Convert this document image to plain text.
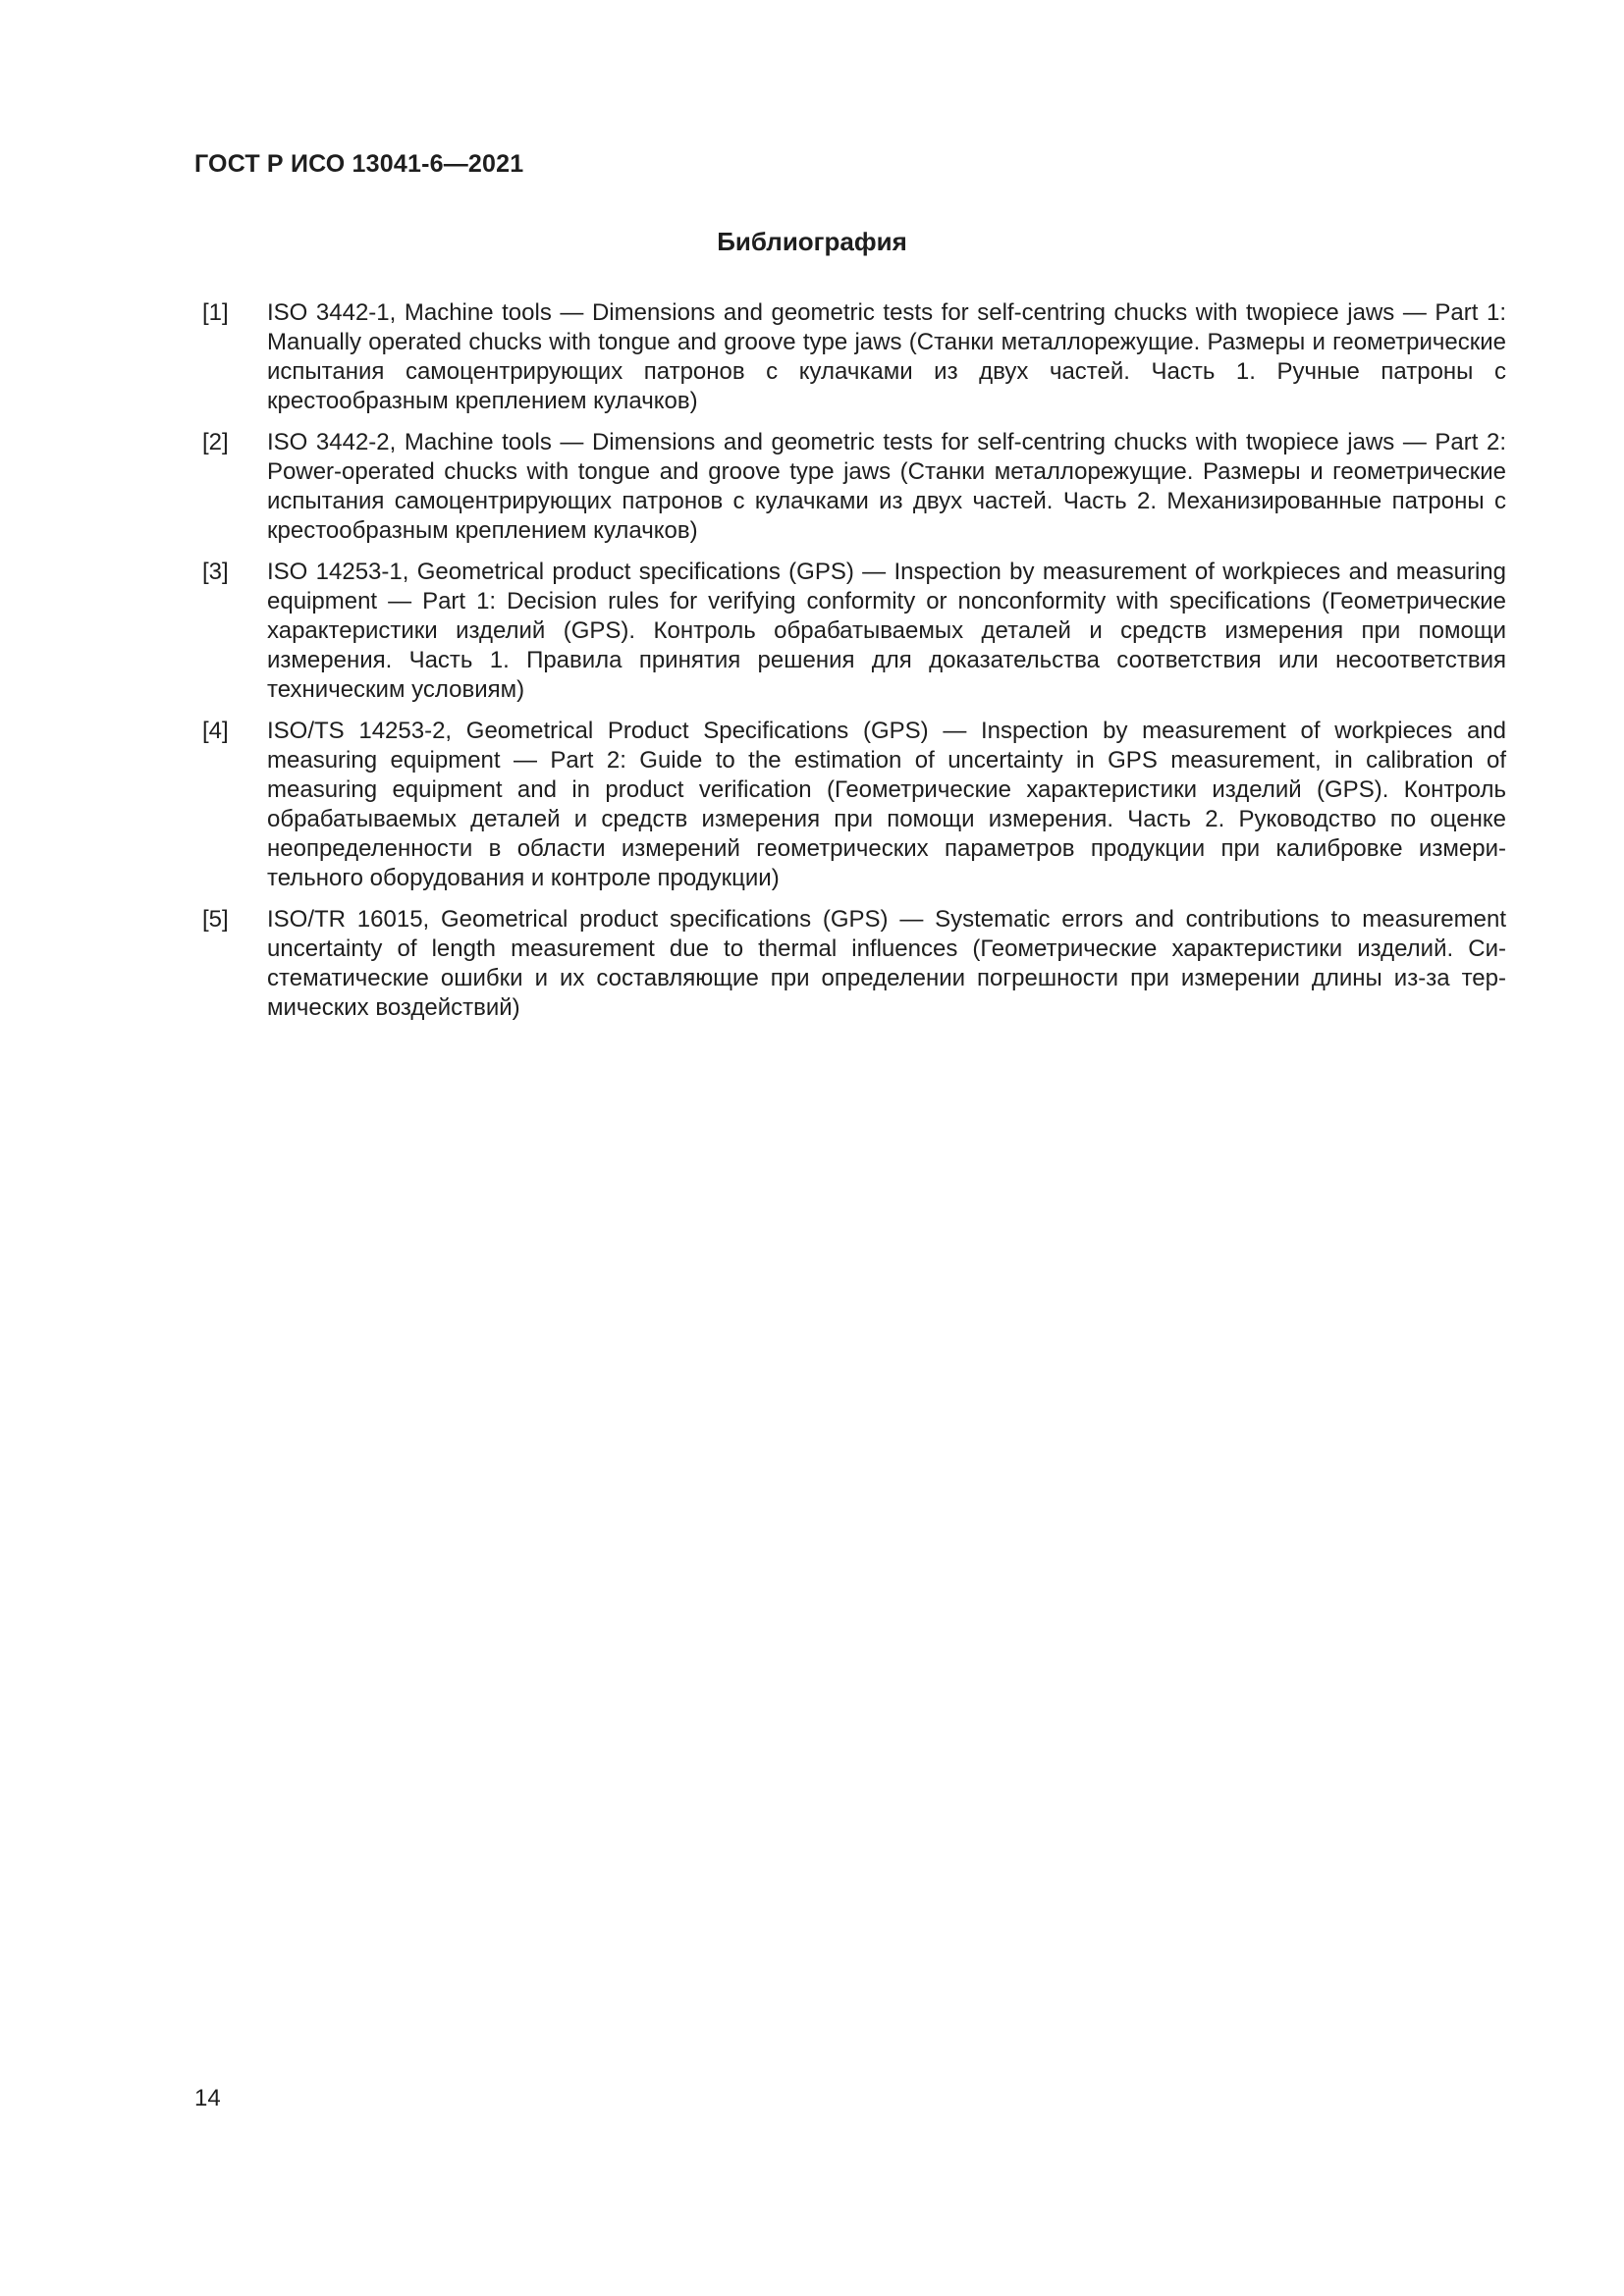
ГОСТ Р ИСО 13041-6—2021
Библиография
[1]	ISO 3442-1, Machine tools — Dimensions and geometric tests for self-centring chucks with twopiece jaws — Part 1: Manually operated chucks with tongue and groove type jaws (Станки металлорежущие. Размеры и геометрические испытания самоцентрирующих патронов с кулачками из двух частей. Часть 1. Ручные патроны с крестообразным креплением кулачков)
[2]	ISO 3442-2, Machine tools — Dimensions and geometric tests for self-centring chucks with twopiece jaws — Part 2: Power-operated chucks with tongue and groove type jaws (Станки металлорежущие. Размеры и геометрические испытания самоцентрирующих патронов с кулачками из двух частей. Часть 2. Механизированные патроны с крестообразным креплением кулачков)
[3]	ISO 14253-1, Geometrical product specifications (GPS) — Inspection by measurement of workpieces and measuring equipment — Part 1: Decision rules for verifying conformity or nonconformity with specifications (Геометрические характеристики изделий (GPS). Контроль обрабатываемых деталей и средств измерения при помощи измерения. Часть 1. Правила принятия решения для доказательства соответствия или несоответствия техническим условиям)
[4]	ISO/TS 14253-2, Geometrical Product Specifications (GPS) — Inspection by measurement of workpieces and measuring equipment — Part 2: Guide to the estimation of uncertainty in GPS measurement, in calibration of measuring equipment and in product verification (Геометрические характеристики изделий (GPS). Контроль обрабатываемых деталей и средств измерения при помощи измерения. Часть 2. Руководство по оценке неопределенности в области измерений геометрических параметров продукции при калибровке измерительного оборудования и контроле продукции)
[5]	ISO/TR 16015, Geometrical product specifications (GPS) — Systematic errors and contributions to measurement uncertainty of length measurement due to thermal influences (Геометрические характеристики изделий. Систематические ошибки и их составляющие при определении погрешности при измерении длины из-за термических воздействий)
14
